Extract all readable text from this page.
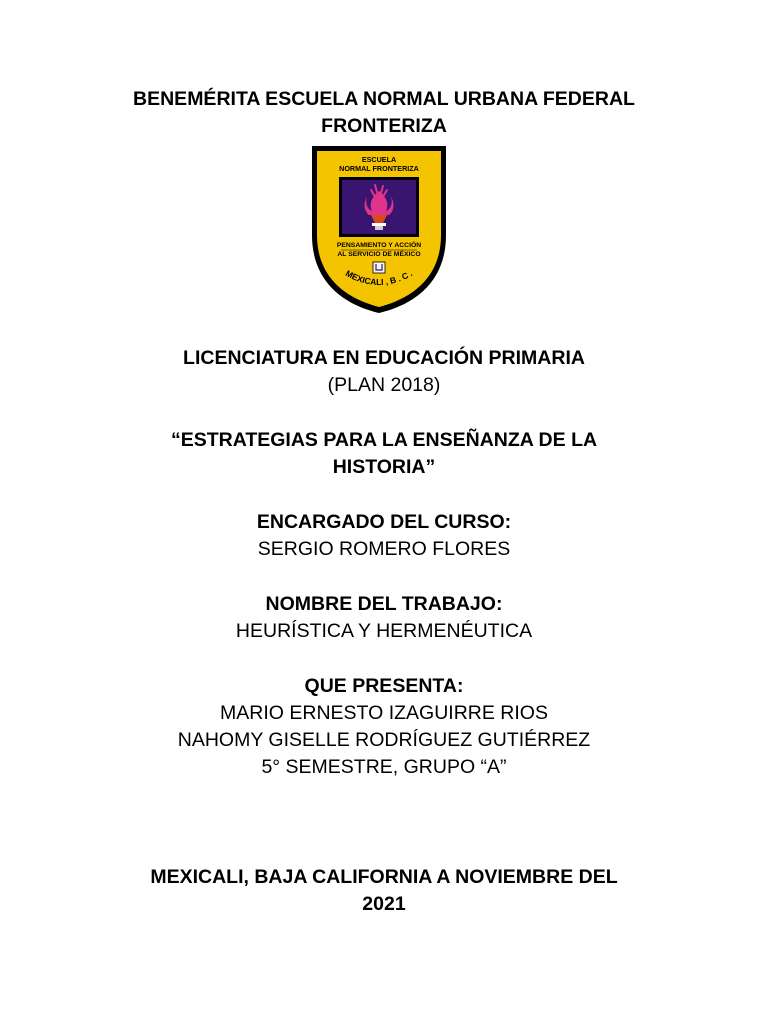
BENEMÉRITA ESCUELA NORMAL URBANA FEDERAL
FRONTERIZA
ESCUELA
NORMAL FRONTERIZA
PENSAMIENTO Y ACCIÓN
AL SERVICIO DE MÉXICO
MEXICALI , B . C .
LICENCIATURA EN EDUCACIÓN PRIMARIA
(PLAN 2018)
“ESTRATEGIAS PARA LA ENSEÑANZA DE LA
HISTORIA”
ENCARGADO DEL CURSO:
SERGIO ROMERO FLORES
NOMBRE DEL TRABAJO:
HEURÍSTICA Y HERMENÉUTICA
QUE PRESENTA:
MARIO ERNESTO IZAGUIRRE RIOS
NAHOMY GISELLE RODRÍGUEZ GUTIÉRREZ
5° SEMESTRE, GRUPO “A”
MEXICALI, BAJA CALIFORNIA A NOVIEMBRE DEL
2021
